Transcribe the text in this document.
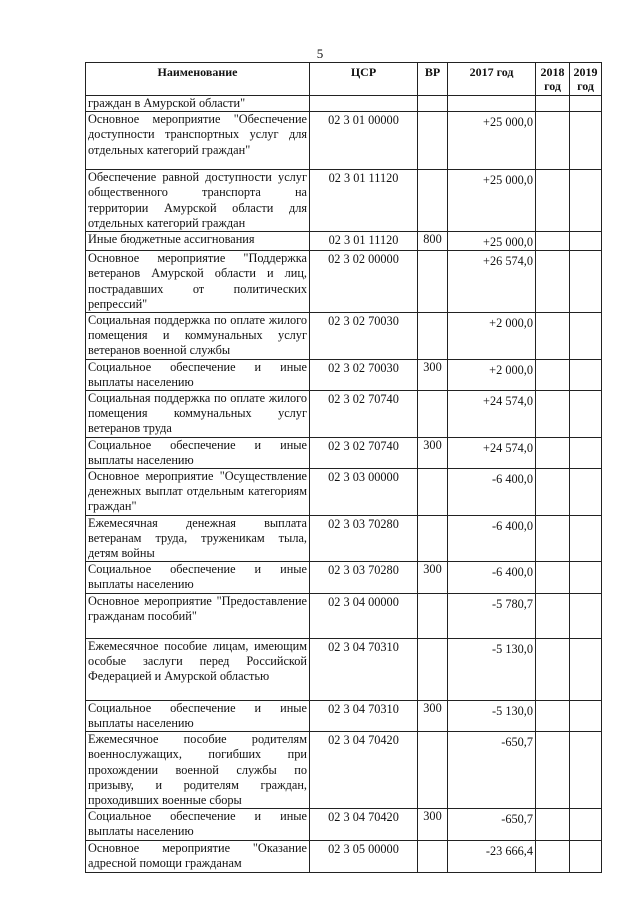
5
Наименование	ЦСР	ВР	2017 год	2018 год	2019 год
граждан в Амурской области"					
Основное мероприятие "Обеспечение доступности транспортных услуг для отдельных категорий граждан"	02 3 01 00000		+25 000,0		
Обеспечение равной доступности услуг общественного транспорта на территории Амурской области для отдельных категорий граждан	02 3 01 11120		+25 000,0		
Иные бюджетные ассигнования	02 3 01 11120	800	+25 000,0		
Основное мероприятие "Поддержка ветеранов Амурской области и лиц, пострадавших от политических репрессий"	02 3 02 00000		+26 574,0		
Социальная поддержка по оплате жилого помещения и коммунальных услуг ветеранов военной службы	02 3 02 70030		+2 000,0		
Социальное обеспечение и иные выплаты населению	02 3 02 70030	300	+2 000,0		
Социальная поддержка по оплате жилого помещения коммунальных услуг ветеранов труда	02 3 02 70740		+24 574,0		
Социальное обеспечение и иные выплаты населению	02 3 02 70740	300	+24 574,0		
Основное мероприятие "Осуществление денежных выплат отдельным категориям граждан"	02 3 03 00000		-6 400,0		
Ежемесячная денежная выплата ветеранам труда, труженикам тыла, детям войны	02 3 03 70280		-6 400,0		
Социальное обеспечение и иные выплаты населению	02 3 03 70280	300	-6 400,0		
Основное мероприятие "Предоставление гражданам пособий"	02 3 04 00000		-5 780,7		
Ежемесячное пособие лицам, имеющим особые заслуги перед Российской Федерацией и Амурской областью	02 3 04 70310		-5 130,0		
Социальное обеспечение и иные выплаты населению	02 3 04 70310	300	-5 130,0		
Ежемесячное пособие родителям военнослужащих, погибших при прохождении военной службы по призыву, и родителям граждан, проходивших военные сборы	02 3 04 70420		-650,7		
Социальное обеспечение и иные выплаты населению	02 3 04 70420	300	-650,7		
Основное мероприятие "Оказание адресной помощи гражданам	02 3 05 00000		-23 666,4		
